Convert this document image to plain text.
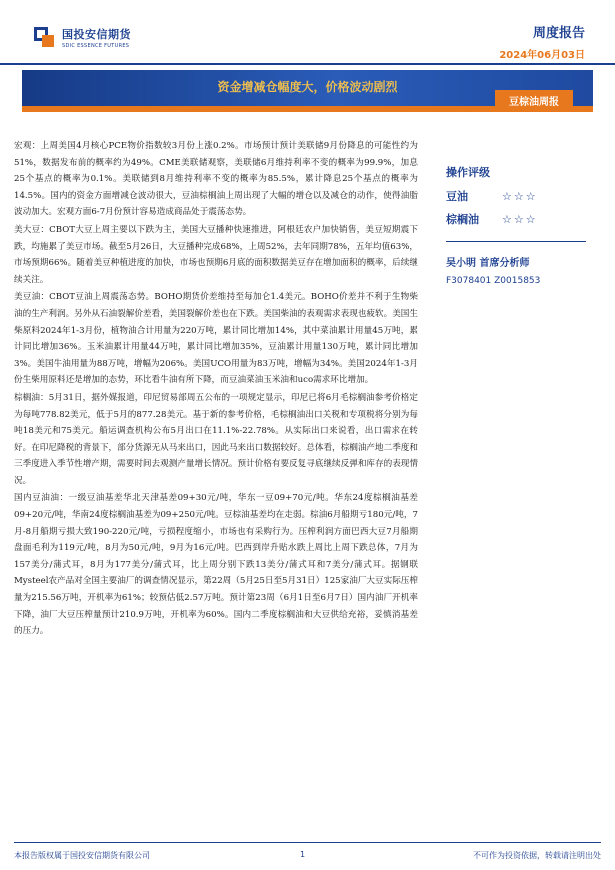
国投安信期货
SDIC ESSENCE FUTURES
周度报告
2024年06月03日
资金增减仓幅度大，价格波动剧烈
豆棕油周报

宏观：上周美国4月核心PCE物价指数较3月份上涨0.2%。市场预计预计美联储9月份降息的可能性约为51%，数据发布前的概率约为49%。CME美联储观察，美联储6月维持利率不变的概率为99.9%，加息25个基点的概率为0.1%。美联储到8月维持利率不变的概率为85.5%，累计降息25个基点的概率为14.5%。国内的资金方面增减仓波动很大，豆油棕榈油上周出现了大幅的增仓以及减仓的动作，使得油脂波动加大。宏观方面6-7月份预计容易造成商品处于震荡态势。

美大豆：CBOT大豆上周主要以下跌为主，美国大豆播种快速推进，阿根廷农户加快销售，美豆短期震下跌，均施累了美豆市场。截至5月26日，大豆播种完成68%，上周52%，去年同期78%，五年均值63%，市场预期66%。随着美豆种植进度的加快，市场也预期6月底的面积数据美豆存在增加面积的概率，后续继续关注。

美豆油：CBOT豆油上周震荡态势。BOHO期货价差维持至每加仑1.4美元。BOHO价差并不利于生物柴油的生产利润。另外从石油裂解价差看，美国裂解价差也在下跌。美国柴油的表观需求表现也疲软。美国生柴原料2024年1-3月份，植物油合计用量为220万吨，累计同比增加14%，其中菜油累计用量45万吨，累计同比增加36%。玉米油累计用量44万吨，累计同比增加35%，豆油累计用量130万吨，累计同比增加3%。美国牛油用量为88万吨，增幅为206%。美国UCO用量为83万吨，增幅为34%。美国2024年1-3月份生柴用原料还是增加的态势，环比看牛油有所下降，而豆油菜油玉米油和uco需求环比增加。

棕榈油：5月31日，据外媒报道，印尼贸易部周五公布的一项规定显示，印尼已将6月毛棕榈油参考价格定为每吨778.82美元，低于5月的877.28美元。基于新的参考价格，毛棕榈油出口关税和专项税将分别为每吨18美元和75美元。船运调查机构公布5月出口在11.1%-22.78%。从实际出口来说看，出口需求在转好。在印尼降税的背景下，部分货源无从马来出口，因此马来出口数据较好。总体看，棕榈油产地二季度和三季度进入季节性增产期，需要时间去观测产量增长情况。预计价格有要反复寻底继续反弹和库存的表现情况。

国内豆油油：一级豆油基差华北天津基差09+30元/吨，华东一豆09+70元/吨。华东24度棕榈油基差09+20元/吨，华南24度棕榈油基差为09+250元/吨。豆棕油基差均在走弱。棕油6月船期亏180元/吨，7月-8月船期亏损大致190-220元/吨，亏损程度缩小，市场也有采购行为。压榨利润方面巴西大豆7月船期盘面毛利为119元/吨，8月为50元/吨，9月为16元/吨。巴西到岸升贴水跌上周比上周下跌总体，7月为157美分/蒲式耳，8月为177美分/蒲式耳，比上周分别下跌13美分/蒲式耳和7美分/蒲式耳。据钢联Mysteel农产品对全国主要油厂的调查情况显示，第22周（5月25日至5月31日）125家油厂大豆实际压榨量为215.56万吨，开机率为61%；较预估低2.57万吨。预计第23周（6月1日至6月7日）国内油厂开机率下降，油厂大豆压榨量预计210.9万吨，开机率为60%。国内二季度棕榈油和大豆供给充裕，妥慎消基差的压力。

操作评级
豆油	☆☆☆
棕榈油	☆☆☆
吴小明 首席分析师
F3078401 Z0015853
本报告版权属于国投安信期货有限公司	1	不可作为投资依据，转载请注明出处
